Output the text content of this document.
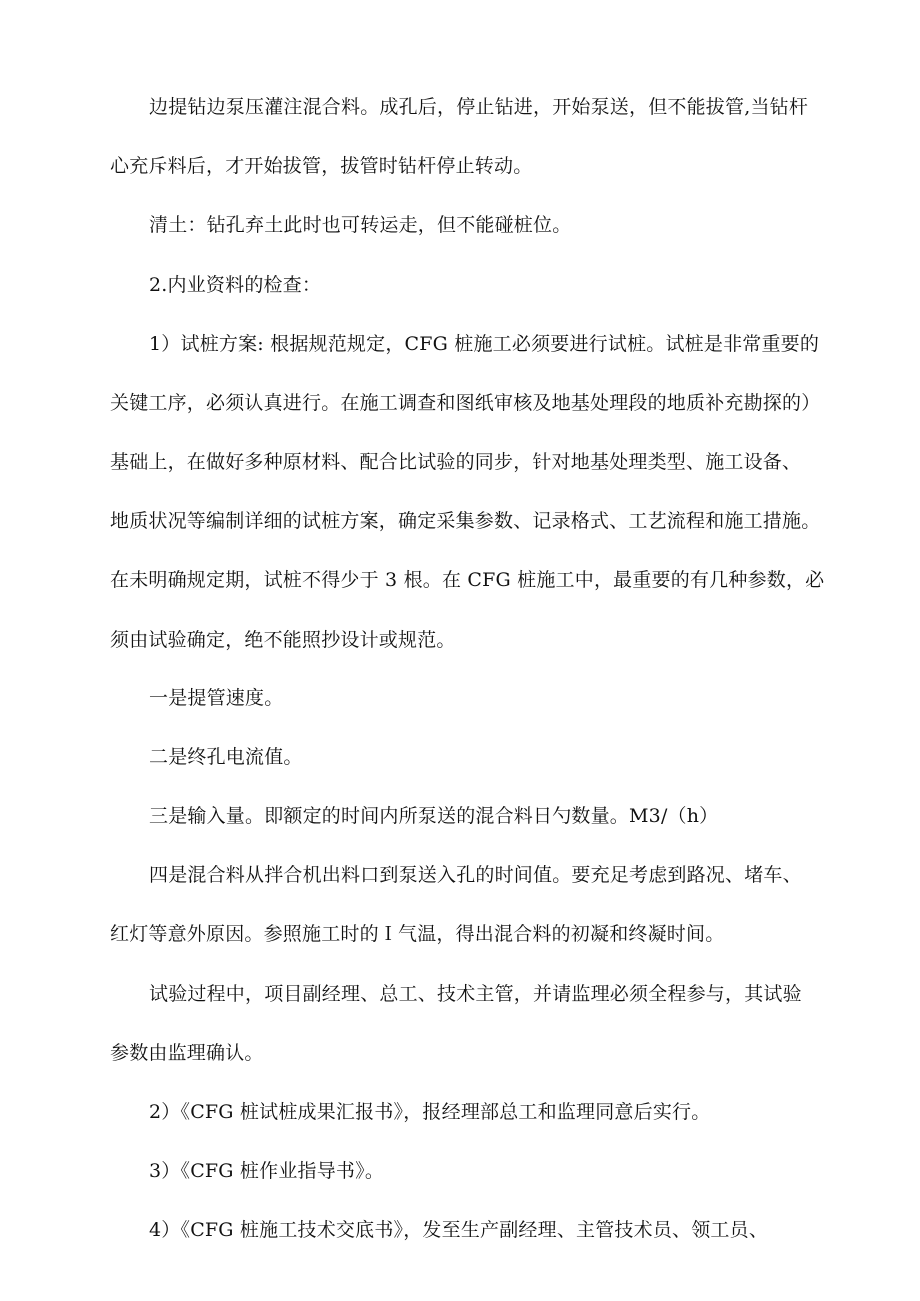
边提钻边泵压灌注混合料。成孔后，停止钻进，开始泵送，但不能拔管,当钻杆
心充斥料后，才开始拔管，拔管时钻杆停止转动。
清土：钻孔弃土此时也可转运走，但不能碰桩位。
2.内业资料的检查：
1）试桩方案: 根据规范规定，CFG 桩施工必须要进行试桩。试桩是非常重要的
关键工序，必须认真进行。在施工调查和图纸审核及地基处理段的地质补充勘探的）
基础上，在做好多种原材料、配合比试验的同步，针对地基处理类型、施工设备、
地质状况等编制详细的试桩方案，确定采集参数、记录格式、工艺流程和施工措施。
在未明确规定期，试桩不得少于 3 根。在 CFG 桩施工中，最重要的有几种参数，必
须由试验确定，绝不能照抄设计或规范。
一是提管速度。
二是终孔电流值。
三是输入量。即额定的时间内所泵送的混合料日勺数量。M3/（h）
四是混合料从拌合机出料口到泵送入孔的时间值。要充足考虑到路况、堵车、
红灯等意外原因。参照施工时的Ｉ气温，得出混合料的初凝和终凝时间。
试验过程中，项目副经理、总工、技术主管，并请监理必须全程参与，其试验
参数由监理确认。
2）《CFG 桩试桩成果汇报书》，报经理部总工和监理同意后实行。
3）《CFG 桩作业指导书》。
4）《CFG 桩施工技术交底书》，发至生产副经理、主管技术员、领工员、
